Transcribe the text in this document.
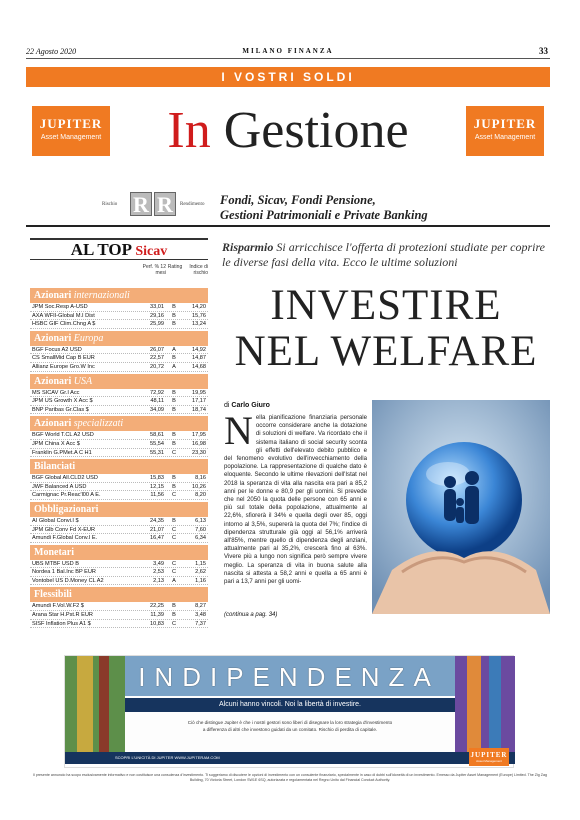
22 Agosto 2020	MILANO FINANZA	33
I VOSTRI SOLDI
JUPITER
Asset Management
JUPITER
Asset Management
In Gestione
Rischio R R	Rendimento Fondi, Sicav, Fondi Pensione,
Gestioni Patrimoniali e Private Banking
AL TOP Sicav
Perf. % 12 mesi
Rating	Indice di rischio
Azionari internazionali
JPM Soc.Resp A-USD	33,01	B	14,20
AXA WFII-Global M.I Dist	29,16	B	15,76
HSBC GIF Clim.Chng A $	25,99	B	13,24
Azionari Europa
BGF Focus A2 USD	26,07	A	14,92
CS SmallMid Cap B EUR	22,57	B	14,87
Allianz Europe Gro.W Inc	20,72	A	14,68
Azionari USA
MS SICAV Gr.I Acc	72,92	B	19,95
JPM US Growth X Acc $	48,11	B	17,17
BNP Paribas Gr.Clas $	34,09	B	18,74
Azionari specializzati
BGF World T.CL A2 USD	58,61	B	17,95
JPM China X Acc $	55,54	B	16,98
Franklin G.PMet.A C H1	55,31	C	23,30
Bilanciati
BGF Global All.CLD2 USD	15,83	B	8,16
JWF Balanced A USD	12,15	B	10,26
Carmignac Pr.Reac'l00 A E.	11,56	C	8,20
Obbligazionari
AI Global Convi.I $	24,35	B	6,13
JPM Glb Conv Fd X-EUR	21,07	C	7,60
Amundi F.Global Conv.I E.	16,47	C	6,34
Monetari
UBS MTBF USD B	3,49	C	1,15
Nordea 1 Bal.Inc BP EUR	2,53	C	2,62
Vontobel US D.Money CL A2	2,13	A	1,16
Flessibili
Amundi F.Vol.W.F2 $	22,25	B	8,27
Arana Star H.Pst.R EUR	11,39	B	3,48
SISF Inflation Plus A1 $	10,83	C	7,37
Risparmio Si arricchisce l'offerta di protezioni studiate per coprire le diverse fasi della vita. Ecco le ultime soluzioni
INVESTIRE
NEL WELFARE
di Carlo Giuro
Nella pianificazione finanziaria personale occorre considerare anche la dotazione di soluzioni di welfare. Va ricordato che il sistema italiano di social security sconta gli effetti dell'elevato debito pubblico e del fenomeno evolutivo dell'invecchiamento della popolazione. La rappresentazione di qualche dato è eloquente. Secondo le ultime rilevazioni dell'Istat nel 2018 la speranza di vita alla nascita era pari a 85,2 anni per le donne e 80,9 per gli uomini. Si prevede che nel 2050 la quota delle persone con 65 anni e più sul totale della popolazione, attualmente al 22,6%, sfiorerà il 34% e quella degli over 85, oggi intorno al 3,5%, supererà la quota del 7%; l'indice di dipendenza strutturale già oggi al 56,1% arriverà all'85%, mentre quello di dipendenza degli anziani, attualmente pari al 35,2%, crescerà fino al 63%. Vivere più a lungo non significa però sempre vivere meglio. La speranza di vita in buona salute alla nascita si attesta a 58,2 anni e quella a 65 anni è pari a 13,7 anni per gli uomi-
(continua a pag. 34)
INDIPENDENZA
Alcuni hanno vincoli. Noi la libertà di investire.
Ciò che distingue Jupiter è che i nostri gestori sono liberi di disegnare la loro strategia d'investimento
a differenza di altri che investono guidati da un comitato. Rischio di perdita di capitale.
SCOPRI L'UNICITÀ DI JUPITER WWW.JUPITERAM.COM	JUPITER
Asset Management
Il presente annuncio ha scopo esclusivamente informativo e non costituisce una consulenza d'investimento. Ti suggeriamo di discutere le opzioni di investimento con un consulente finanziario, specialmente in caso di dubbi sull'idoneità di un investimento. Emesso da Jupiter Asset Management (Europe) Limited. The Zig Zag Building, 70 Victoria Street, London SW1E 6SQ, autorizzata e regolamentata nel Regno Unito dal Financial Conduct Authority.
